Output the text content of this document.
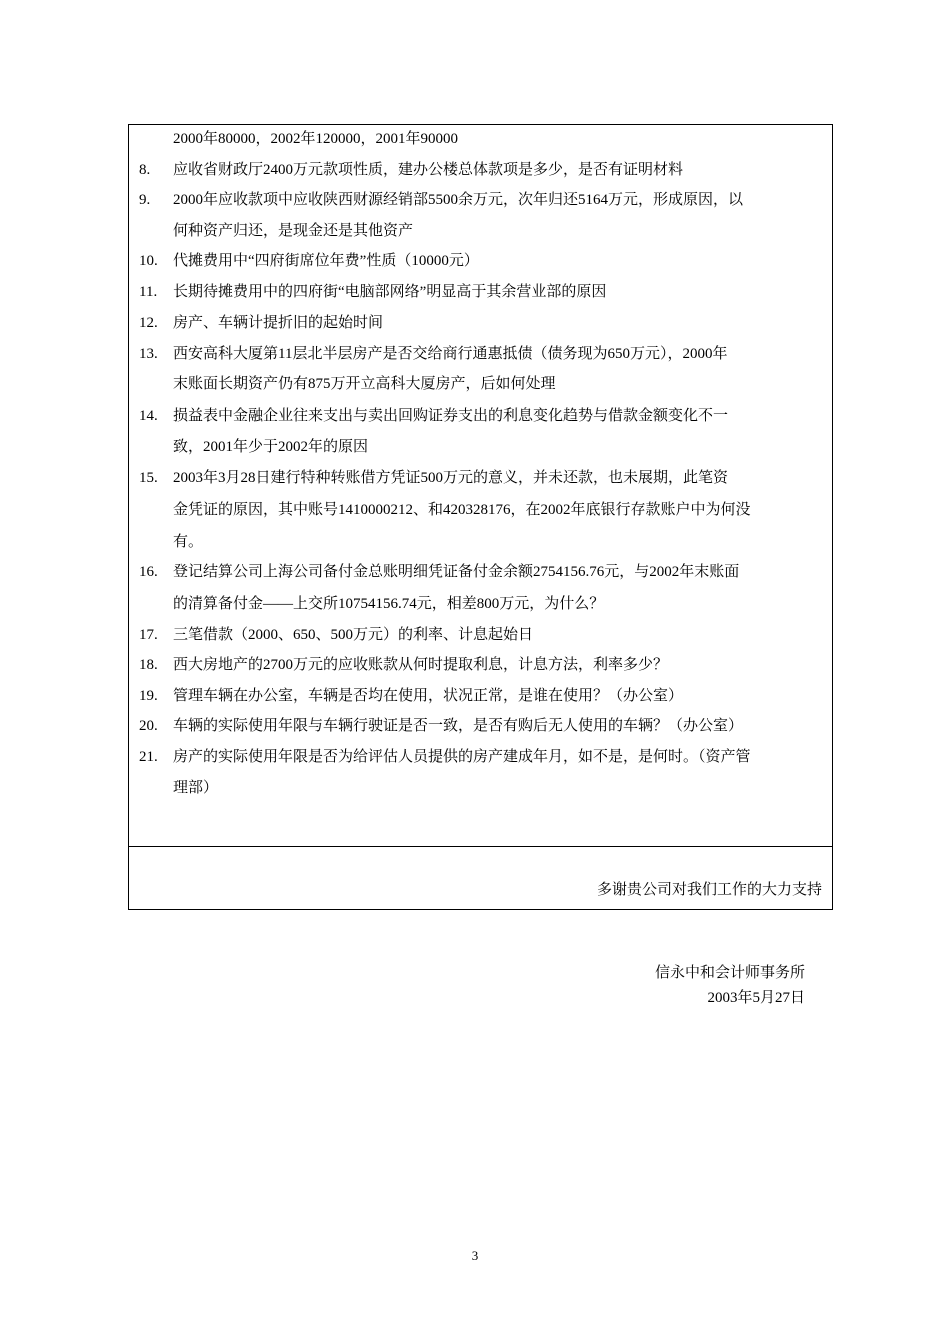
2000年80000，2002年120000，2001年90000
8. 应收省财政厅2400万元款项性质，建办公楼总体款项是多少，是否有证明材料
9. 2000年应收款项中应收陕西财源经销部5500余万元，次年归还5164万元，形成原因，以
何种资产归还，是现金还是其他资产
10. 代摊费用中“四府街席位年费”性质（10000元）
11. 长期待摊费用中的四府街“电脑部网络”明显高于其余营业部的原因
12. 房产、车辆计提折旧的起始时间
13. 西安高科大厦第11层北半层房产是否交给商行通惠抵债（债务现为650万元），2000年
末账面长期资产仍有875万开立高科大厦房产，后如何处理
14. 损益表中金融企业往来支出与卖出回购证券支出的利息变化趋势与借款金额变化不一
致，2001年少于2002年的原因
15. 2003年3月28日建行特种转账借方凭证500万元的意义，并未还款，也未展期，此笔资
金凭证的原因，其中账号1410000212、和420328176，在2002年底银行存款账户中为何没
有。
16. 登记结算公司上海公司备付金总账明细凭证备付金余额2754156.76元，与2002年末账面
的清算备付金——上交所10754156.74元，相差800万元，为什么？
17. 三笔借款（2000、650、500万元）的利率、计息起始日
18. 西大房地产的2700万元的应收账款从何时提取利息，计息方法，利率多少？
19. 管理车辆在办公室，车辆是否均在使用，状况正常，是谁在使用？（办公室）
20. 车辆的实际使用年限与车辆行驶证是否一致，是否有购后无人使用的车辆？（办公室）
21. 房产的实际使用年限是否为给评估人员提供的房产建成年月，如不是，是何时。（资产管
理部）
多谢贵公司对我们工作的大力支持
信永中和会计师事务所
2003年5月27日
3
